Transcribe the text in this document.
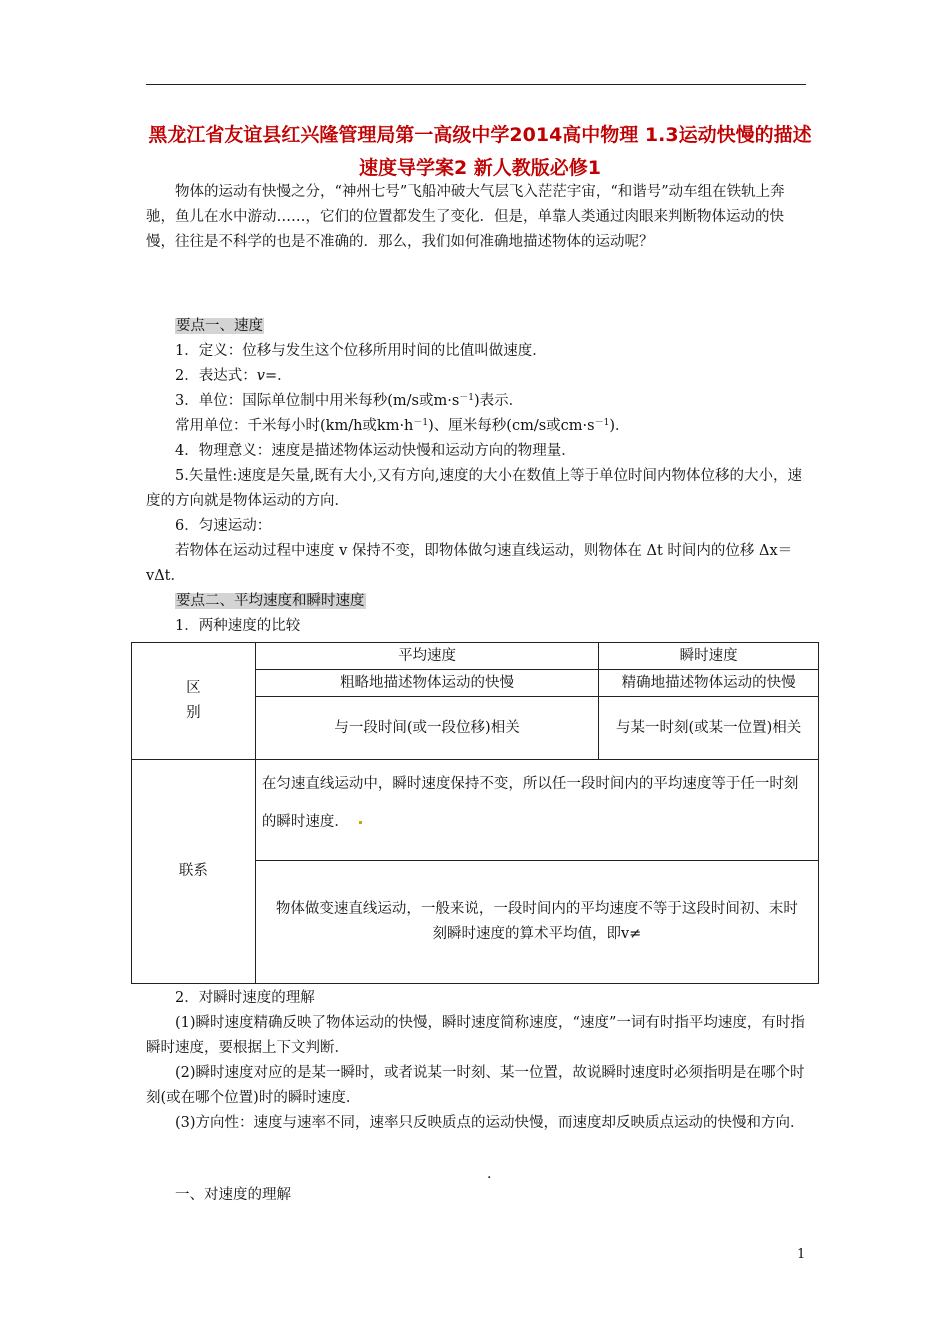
黑龙江省友谊县红兴隆管理局第一高级中学2014高中物理 1.3运动快慢的描述 速度导学案2 新人教版必修1
物体的运动有快慢之分，“神州七号”飞船冲破大气层飞入茫茫宇宙，“和谐号”动车组在铁轨上奔驰，鱼儿在水中游动……，它们的位置都发生了变化．但是，单靠人类通过肉眼来判断物体运动的快慢，往往是不科学的也是不准确的．那么，我们如何准确地描述物体的运动呢？
要点一、速度
1．定义：位移与发生这个位移所用时间的比值叫做速度．
2．表达式：v=．
3．单位：国际单位制中用米每秒(m/s或$m\cdot s^{-1}$)表示．
常用单位：千米每小时(km/h或$km\cdot h^{-1}$)、厘米每秒(cm/s或$cm\cdot s^{-1}$)．
4．物理意义：速度是描述物体运动快慢和运动方向的物理量．
5.矢量性:速度是矢量,既有大小,又有方向,速度的大小在数值上等于单位时间内物体位移的大小，速度的方向就是物体运动的方向．
6．匀速运动：
若物体在运动过程中速度 v 保持不变，即物体做匀速直线运动，则物体在 Δt 时间内的位移 Δx＝vΔt．
要点二、平均速度和瞬时速度
1．两种速度的比较
区
别	平均速度	瞬时速度
	粗略地描述物体运动的快慢	精确地描述物体运动的快慢
	与一段时间(或一段位移)相关	与某一时刻(或某一位置)相关
联系	在匀速直线运动中，瞬时速度保持不变，所以任一段时间内的平均速度等于任一时刻的瞬时速度．	
	物体做变速直线运动，一般来说，一段时间内的平均速度不等于这段时间初、末时刻瞬时速度的算术平均值，即v≠	
2．对瞬时速度的理解
(1)瞬时速度精确反映了物体运动的快慢，瞬时速度简称速度，“速度”一词有时指平均速度，有时指瞬时速度，要根据上下文判断．
(2)瞬时速度对应的是某一瞬时，或者说某一时刻、某一位置，故说瞬时速度时必须指明是在哪个时刻(或在哪个位置)时的瞬时速度．
(3)方向性：速度与速率不同，速率只反映质点的运动快慢，而速度却反映质点运动的快慢和方向．
.
一、对速度的理解
1
